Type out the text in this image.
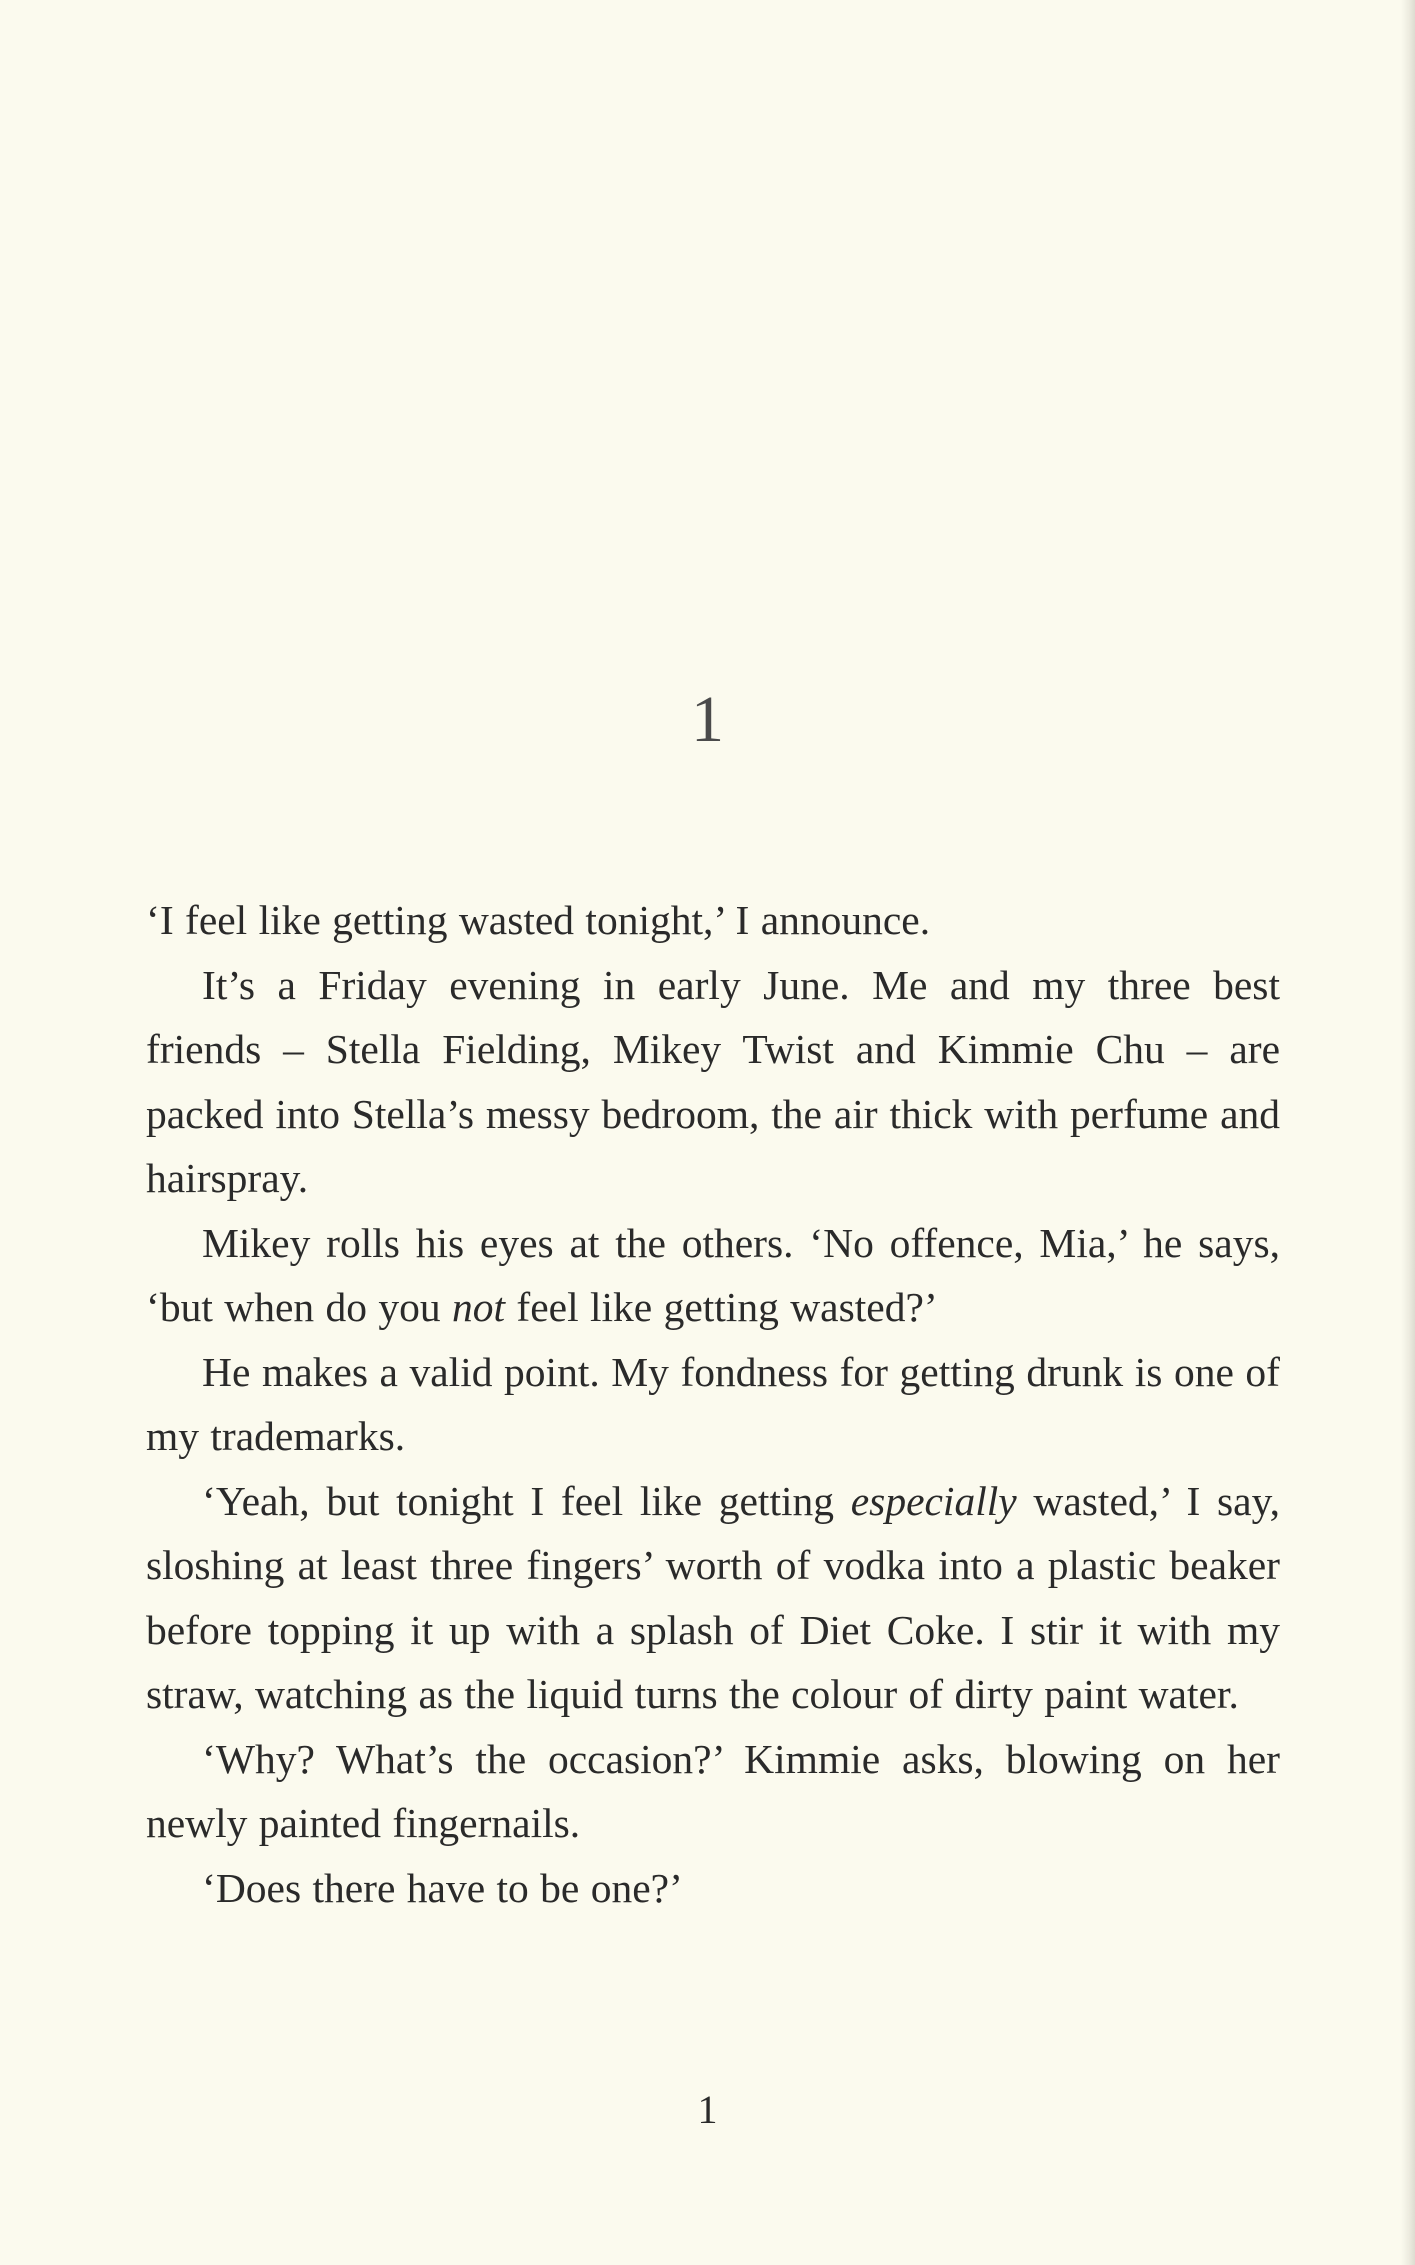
1

‘I feel like getting wasted tonight,’ I announce.

It’s a Friday evening in early June. Me and my three best friends – Stella Fielding, Mikey Twist and Kimmie Chu – are packed into Stella’s messy bedroom, the air thick with perfume and hairspray.

Mikey rolls his eyes at the others. ‘No offence, Mia,’ he says, ‘but when do you not feel like getting wasted?’

He makes a valid point. My fondness for getting drunk is one of my trademarks.

‘Yeah, but tonight I feel like getting especially wasted,’ I say, sloshing at least three fingers’ worth of vodka into a plastic beaker before topping it up with a splash of Diet Coke. I stir it with my straw, watching as the liquid turns the colour of dirty paint water.

‘Why? What’s the occasion?’ Kimmie asks, blowing on her newly painted fingernails.

‘Does there have to be one?’

1
